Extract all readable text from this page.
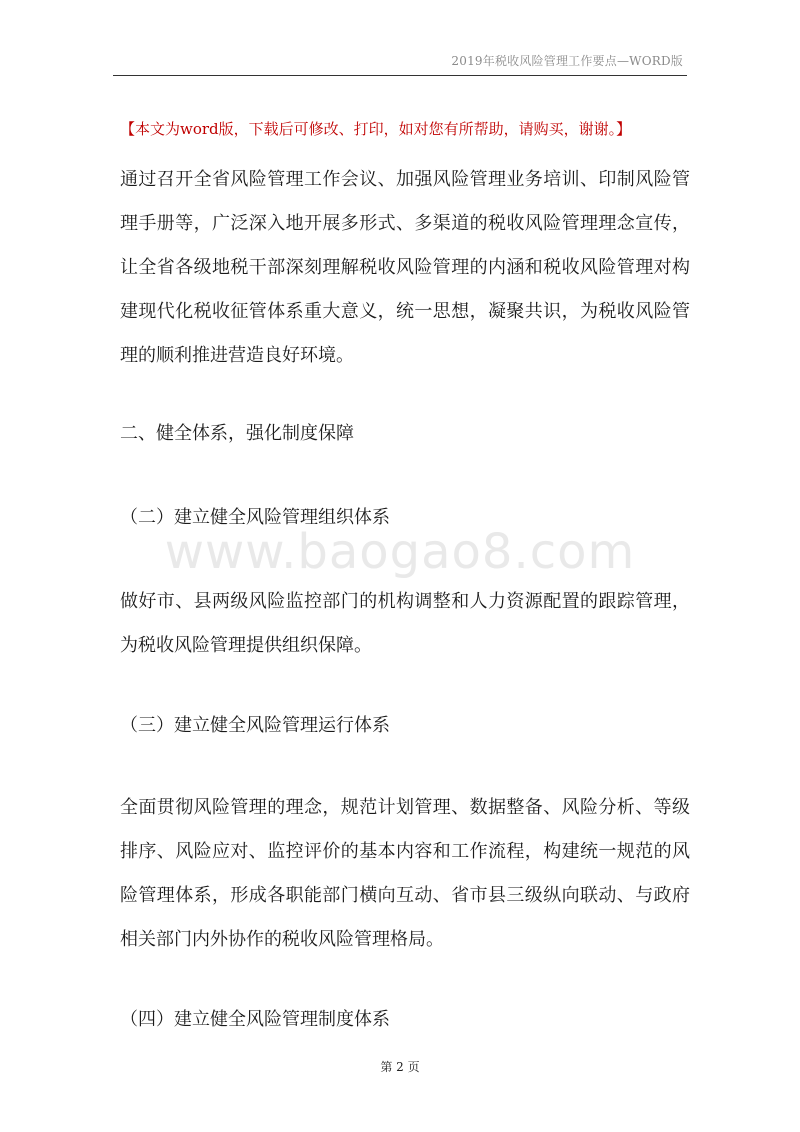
2019年税收风险管理工作要点—WORD版
【本文为word版，下载后可修改、打印，如对您有所帮助，请购买，谢谢。】
通过召开全省风险管理工作会议、加强风险管理业务培训、印制风险管理手册等，广泛深入地开展多形式、多渠道的税收风险管理理念宣传，让全省各级地税干部深刻理解税收风险管理的内涵和税收风险管理对构建现代化税收征管体系重大意义，统一思想，凝聚共识，为税收风险管理的顺利推进营造良好环境。
二、健全体系，强化制度保障
（二）建立健全风险管理组织体系
www.baogao8.com
做好市、县两级风险监控部门的机构调整和人力资源配置的跟踪管理，为税收风险管理提供组织保障。
（三）建立健全风险管理运行体系
全面贯彻风险管理的理念，规范计划管理、数据整备、风险分析、等级排序、风险应对、监控评价的基本内容和工作流程，构建统一规范的风险管理体系，形成各职能部门横向互动、省市县三级纵向联动、与政府相关部门内外协作的税收风险管理格局。
（四）建立健全风险管理制度体系
第 2 页
